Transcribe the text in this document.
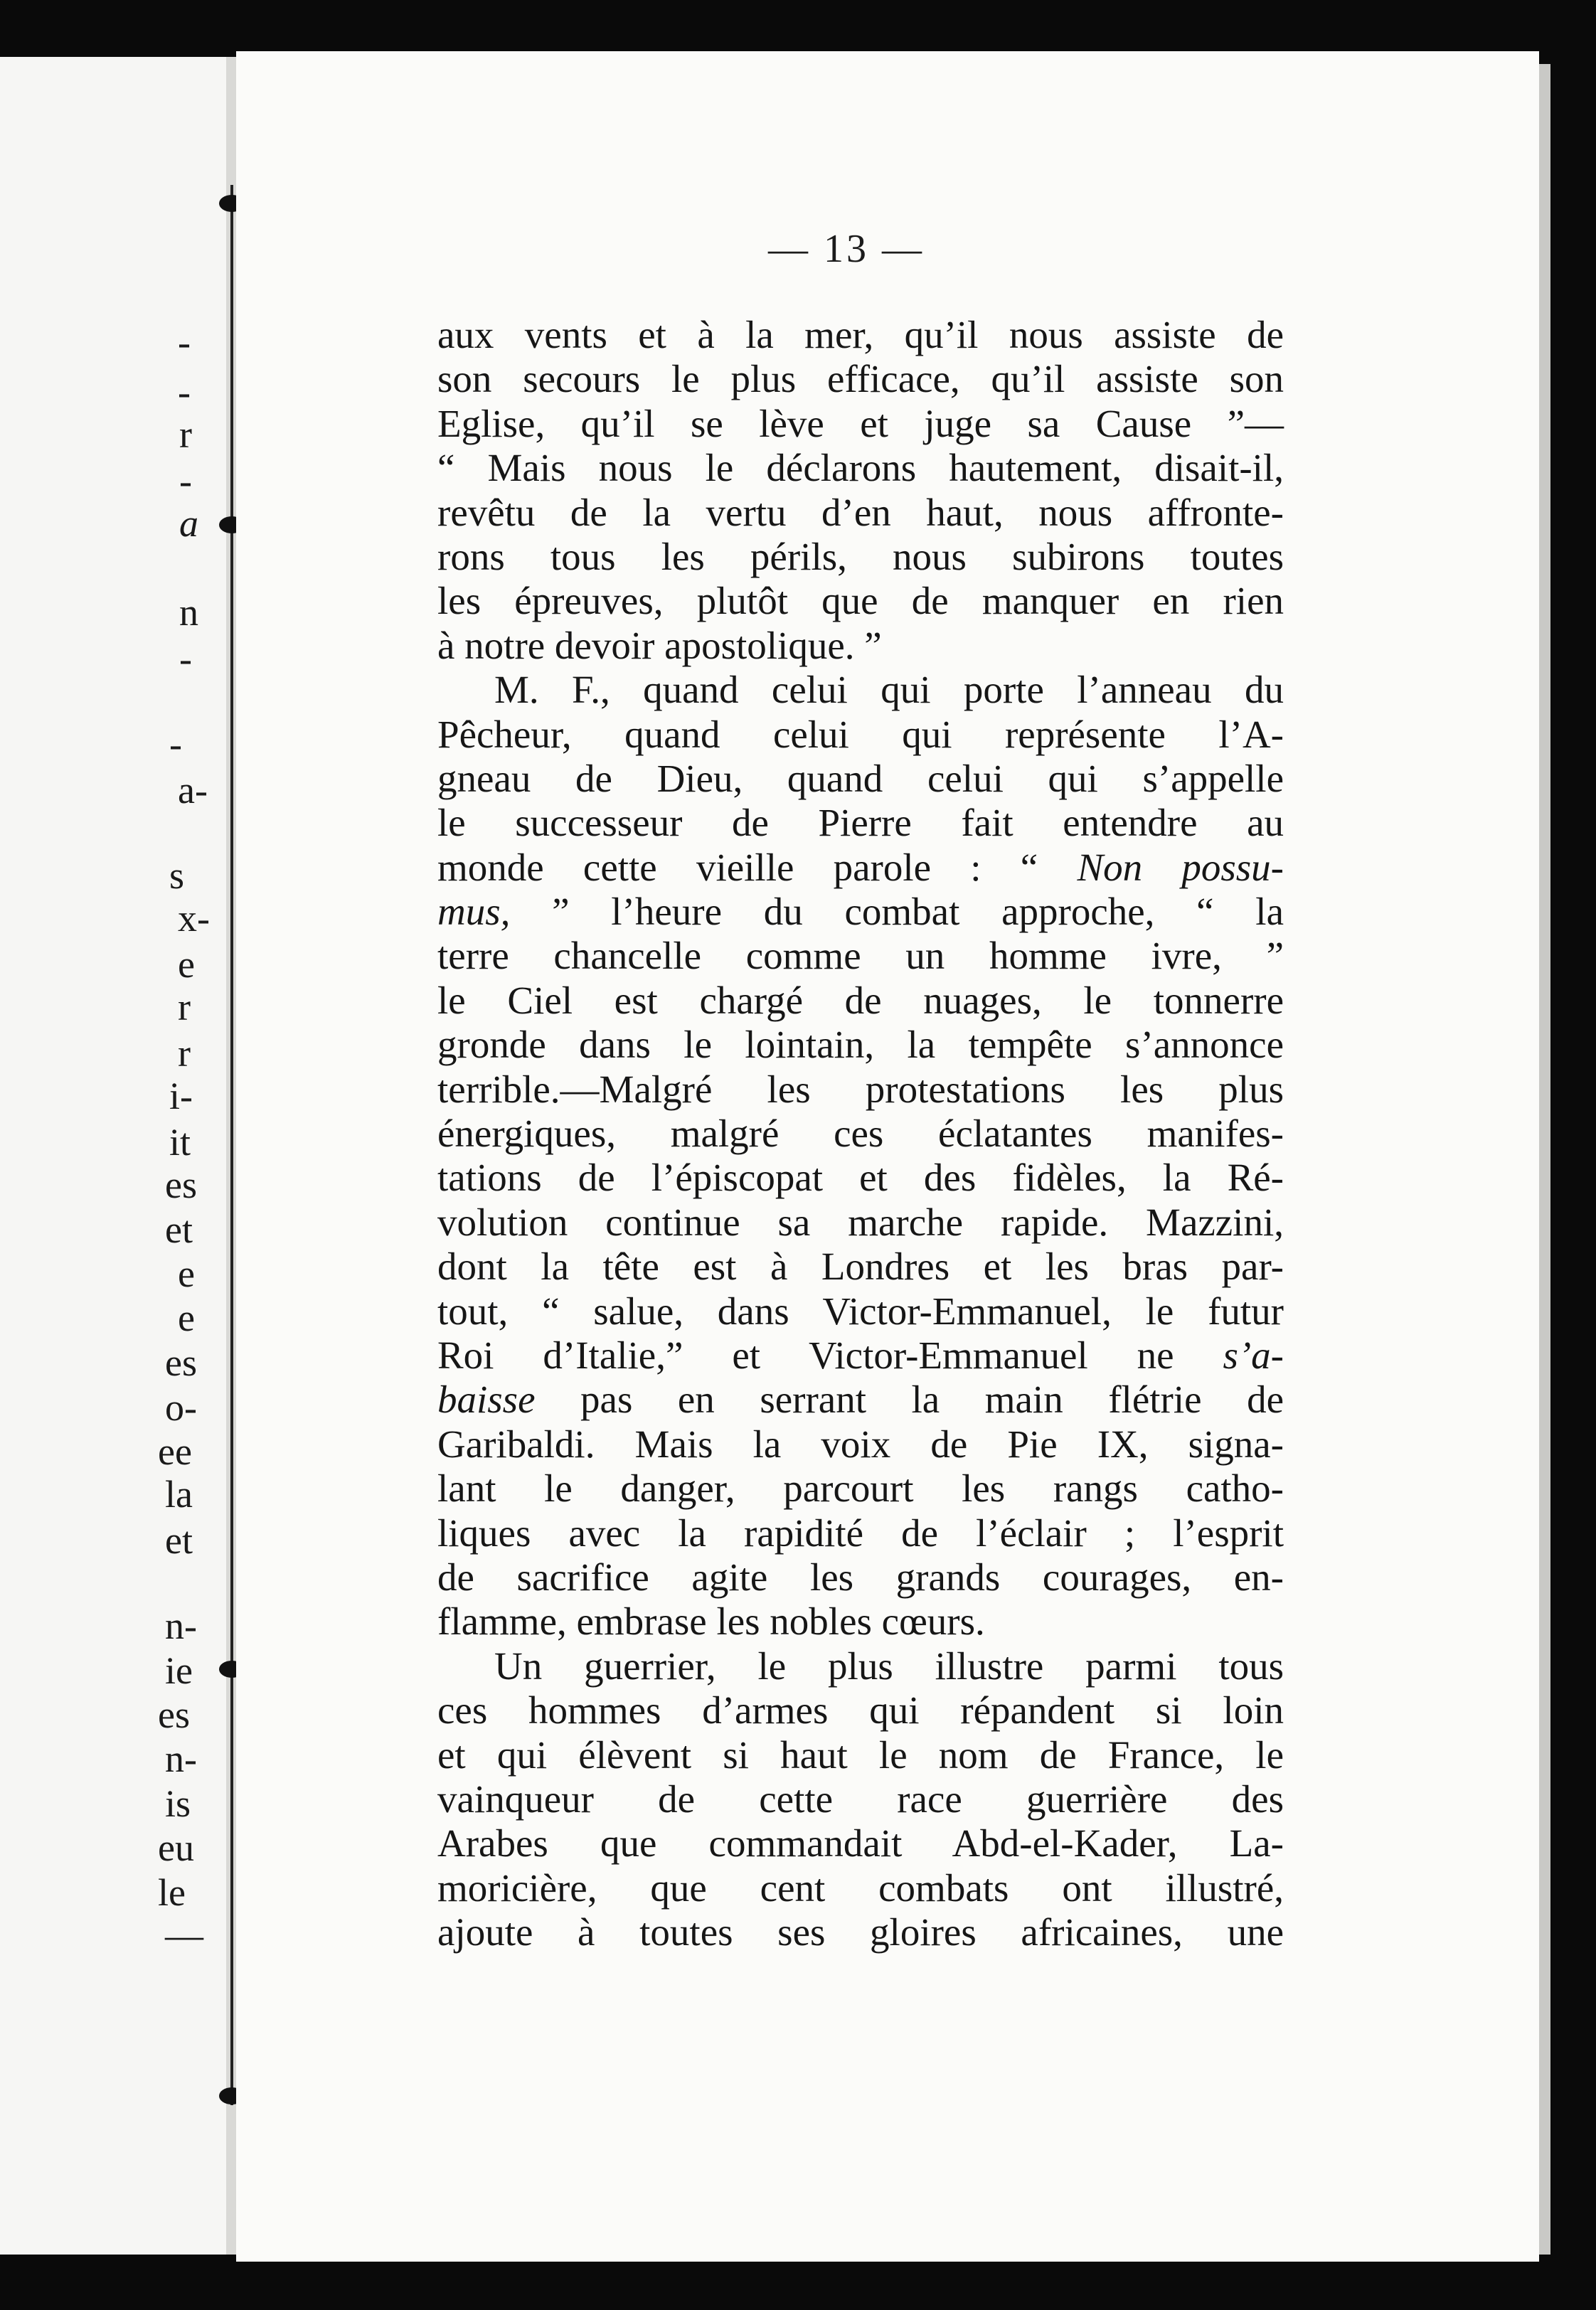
-
-
r
-
a
n
-
-
a-
s
x-
e
r
r
i-
it
es
et
e
e
es
o-
ee
la
et
n-
ie
es
n-
is
eu
le
—
— 13 —
aux vents et à la mer, qu’il nous assiste de
son secours le plus efficace, qu’il assiste son
Eglise, qu’il se lève et juge sa Cause ”—
“ Mais nous le déclarons hautement, disait-il,
revêtu de la vertu d’en haut, nous affronte-
rons tous les périls, nous subirons toutes
les épreuves, plutôt que de manquer en rien
à notre devoir apostolique. ”
M. F., quand celui qui porte l’anneau du
Pêcheur, quand celui qui représente l’A-
gneau de Dieu, quand celui qui s’appelle
le successeur de Pierre fait entendre au
monde cette vieille parole : “ Non possu-
mus, ” l’heure du combat approche, “ la
terre chancelle comme un homme ivre, ”
le Ciel est chargé de nuages, le tonnerre
gronde dans le lointain, la tempête s’annonce
terrible.—Malgré les protestations les plus
énergiques, malgré ces éclatantes manifes-
tations de l’épiscopat et des fidèles, la Ré-
volution continue sa marche rapide. Mazzini,
dont la tête est à Londres et les bras par-
tout, “ salue, dans Victor-Emmanuel, le futur
Roi d’Italie,” et Victor-Emmanuel ne s’a-
baisse pas en serrant la main flétrie de
Garibaldi. Mais la voix de Pie IX, signa-
lant le danger, parcourt les rangs catho-
liques avec la rapidité de l’éclair ; l’esprit
de sacrifice agite les grands courages, en-
flamme, embrase les nobles cœurs.
Un guerrier, le plus illustre parmi tous
ces hommes d’armes qui répandent si loin
et qui élèvent si haut le nom de France, le
vainqueur de cette race guerrière des
Arabes que commandait Abd-el-Kader, La-
moricière, que cent combats ont illustré,
ajoute à toutes ses gloires africaines, une
